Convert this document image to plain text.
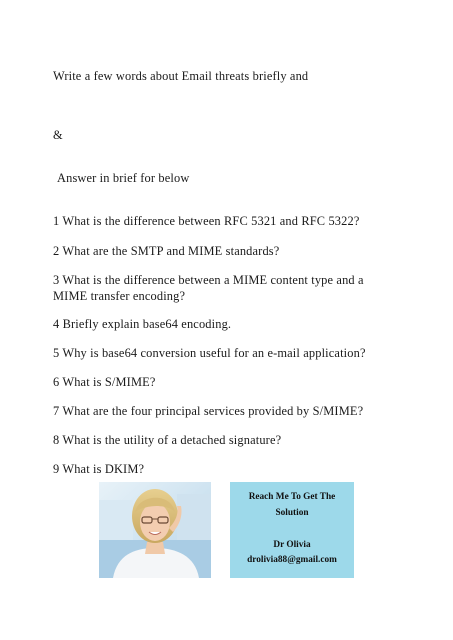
Write a few words about Email threats briefly and
&
Answer in brief for below
1 What is the difference between RFC 5321 and RFC 5322?
2 What are the SMTP and MIME standards?
3 What is the difference between a MIME content type and a
MIME transfer encoding?
4 Briefly explain base64 encoding.
5 Why is base64 conversion useful for an e-mail application?
6 What is S/MIME?
7 What are the four principal services provided by S/MIME?
8 What is the utility of a detached signature?
9 What is DKIM?
Reach Me To Get The
Solution
Dr Olivia
drolivia88@gmail.com
